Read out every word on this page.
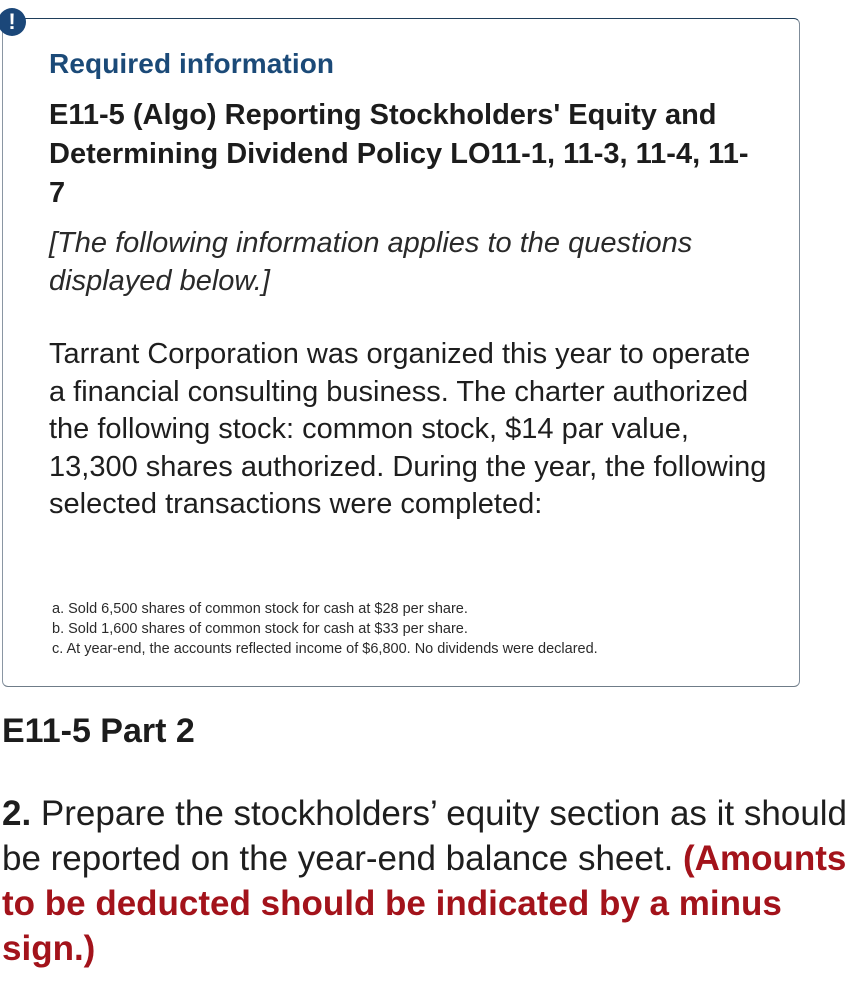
!
Required information
E11-5 (Algo) Reporting Stockholders' Equity and Determining Dividend Policy LO11-1, 11-3, 11-4, 11-7

[The following information applies to the questions displayed below.]

Tarrant Corporation was organized this year to operate a financial consulting business. The charter authorized the following stock: common stock, $14 par value, 13,300 shares authorized. During the year, the following selected transactions were completed:

a. Sold 6,500 shares of common stock for cash at $28 per share.
b. Sold 1,600 shares of common stock for cash at $33 per share.
c. At year-end, the accounts reflected income of $6,800. No dividends were declared.
E11-5 Part 2

2. Prepare the stockholders’ equity section as it should be reported on the year-end balance sheet. (Amounts to be deducted should be indicated by a minus sign.)
